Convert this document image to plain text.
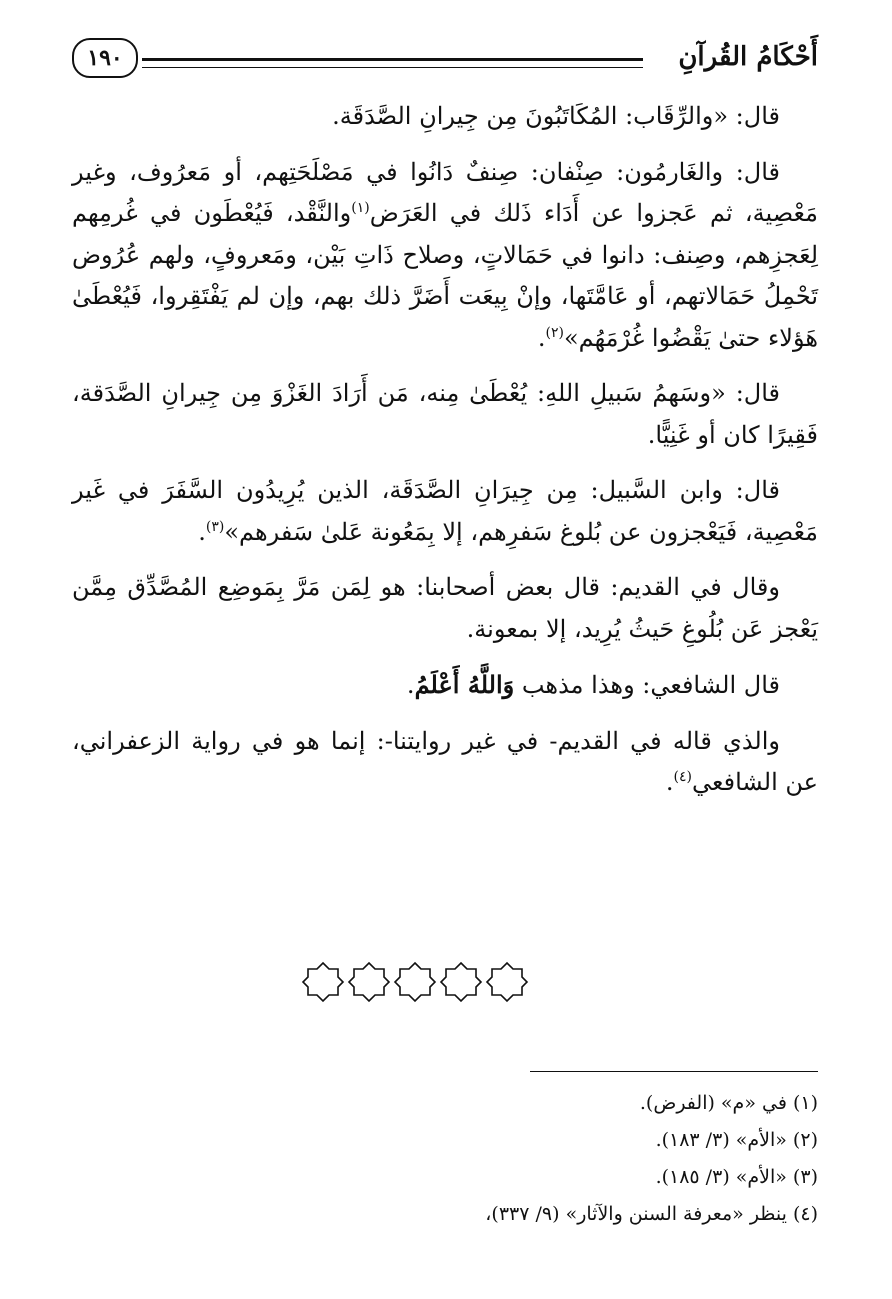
أَحْكَامُ القُرآنِ
١٩٠

قال: «والرِّقَاب: المُكَاتَبُونَ مِن جِيرانِ الصَّدَقَة.

قال: والغَارمُون: صِنْفان: صِنفٌ دَانُوا في مَصْلَحَتِهم، أو مَعرُوف، وغير مَعْصِية، ثم عَجزوا عن أَدَاء ذَلك في العَرَض$^{(١)}$والنَّقْد، فَيُعْطَون في غُرمِهم لِعَجزِهم، وصِنف: دانوا في حَمَالاتٍ، وصلاح ذَاتِ بَيْن، ومَعروفٍ، ولهم عُرُوض تَحْمِلُ حَمَالاتهم، أو عَامَّتَها، وإنْ بِيعَت أَضَرَّ ذلك بهم، وإن لم يَفْتَقِروا، فَيُعْطَىٰ هَؤلاء حتىٰ يَقْضُوا غُرْمَهُم»$^{(٢)}$.

قال: «وسَهمُ سَبيلِ اللهِ: يُعْطَىٰ مِنه، مَن أَرَادَ الغَزْوَ مِن جِيرانِ الصَّدَقة، فَقِيرًا كان أو غَنِيًّا.

قال: وابن السَّبيل: مِن جِيرَانِ الصَّدَقَة، الذين يُرِيدُون السَّفَرَ في غَير مَعْصِية، فَيَعْجزون عن بُلوغ سَفرِهم، إلا بِمَعُونة عَلىٰ سَفرهم»$^{(٣)}$.

وقال في القديم: قال بعض أصحابنا: هو لِمَن مَرَّ بِمَوضِع المُصَّدِّق مِمَّن يَعْجز عَن بُلُوغِ حَيثُ يُرِيد، إلا بمعونة.

قال الشافعي: وهذا مذهب وَاللَّهُ أَعْلَمُ.

والذي قاله في القديم- في غير روايتنا-: إنما هو في رواية الزعفراني، عن الشافعي$^{(٤)}$.

(١) في «م» (الفرض).

(٢) «الأم» (٣/ ١٨٣).

(٣) «الأم» (٣/ ١٨٥).

(٤) ينظر «معرفة السنن والآثار» (٩/ ٣٣٧)،
